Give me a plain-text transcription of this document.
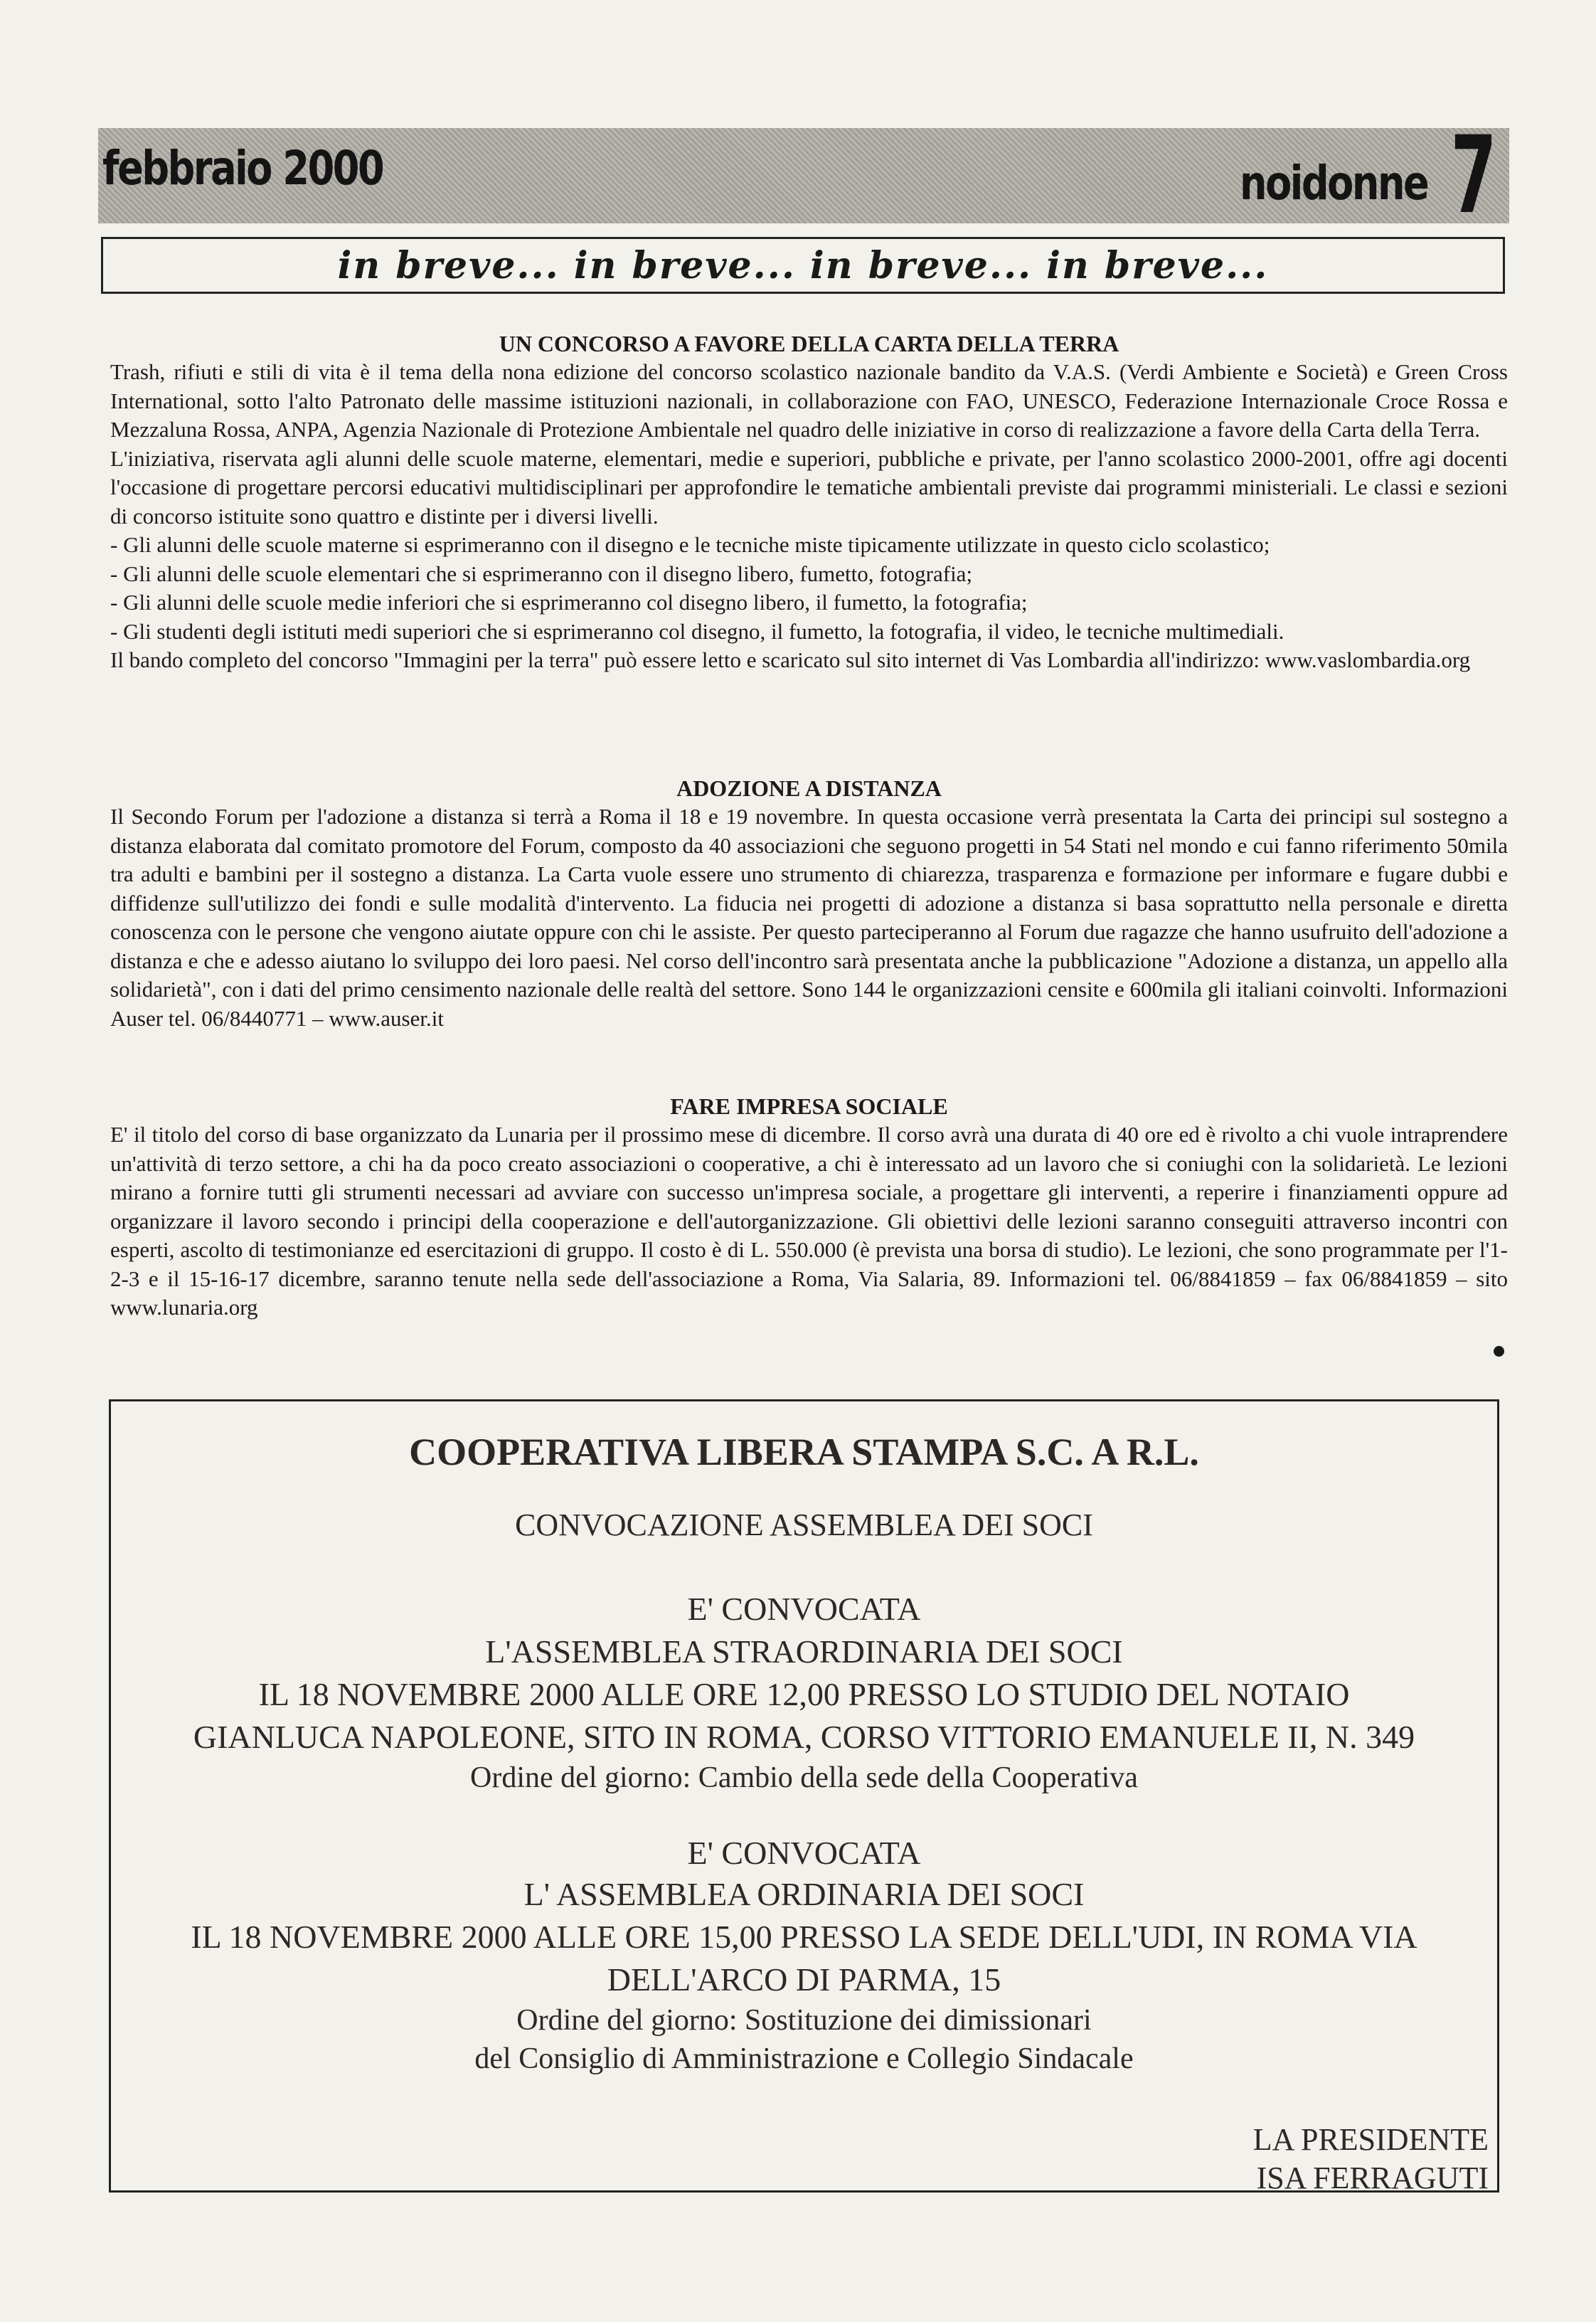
febbraio 2000	noidonne 7
in breve... in breve... in breve... in breve...
UN CONCORSO A FAVORE DELLA CARTA DELLA TERRA

Trash, rifiuti e stili di vita è il tema della nona edizione del concorso scolastico nazionale bandito da V.A.S. (Verdi Ambiente e Società) e Green Cross International, sotto l'alto Patronato delle massime istituzioni nazionali, in collaborazione con FAO, UNESCO, Federazione Internazionale Croce Rossa e Mezzaluna Rossa, ANPA, Agenzia Nazionale di Protezione Ambientale nel quadro delle iniziative in corso di realizzazione a favore della Carta della Terra.

L'iniziativa, riservata agli alunni delle scuole materne, elementari, medie e superiori, pubbliche e private, per l'anno scolastico 2000-2001, offre agi docenti l'occasione di progettare percorsi educativi multidisciplinari per approfondire le tematiche ambientali previste dai programmi ministeriali. Le classi e sezioni di concorso istituite sono quattro e distinte per i diversi livelli.

- Gli alunni delle scuole materne si esprimeranno con il disegno e le tecniche miste tipicamente utilizzate in questo ciclo scolastico;

- Gli alunni delle scuole elementari che si esprimeranno con il disegno libero, fumetto, fotografia;

- Gli alunni delle scuole medie inferiori che si esprimeranno col disegno libero, il fumetto, la fotografia;

- Gli studenti degli istituti medi superiori che si esprimeranno col disegno, il fumetto, la fotografia, il video, le tecniche multimediali.

Il bando completo del concorso "Immagini per la terra" può essere letto e scaricato sul sito internet di Vas Lombardia all'indirizzo: www.vaslombardia.org

ADOZIONE A DISTANZA

Il Secondo Forum per l'adozione a distanza si terrà a Roma il 18 e 19 novembre. In questa occasione verrà presentata la Carta dei principi sul sostegno a distanza elaborata dal comitato promotore del Forum, composto da 40 associazioni che seguono progetti in 54 Stati nel mondo e cui fanno riferimento 50mila tra adulti e bambini per il sostegno a distanza. La Carta vuole essere uno strumento di chiarezza, trasparenza e formazione per informare e fugare dubbi e diffidenze sull'utilizzo dei fondi e sulle modalità d'intervento. La fiducia nei progetti di adozione a distanza si basa soprattutto nella personale e diretta conoscenza con le persone che vengono aiutate oppure con chi le assiste. Per questo parteciperanno al Forum due ragazze che hanno usufruito dell'adozione a distanza e che e adesso aiutano lo sviluppo dei loro paesi. Nel corso dell'incontro sarà presentata anche la pubblicazione "Adozione a distanza, un appello alla solidarietà", con i dati del primo censimento nazionale delle realtà del settore. Sono 144 le organizzazioni censite e 600mila gli italiani coinvolti. Informazioni Auser tel. 06/8440771 – www.auser.it

FARE IMPRESA SOCIALE

E' il titolo del corso di base organizzato da Lunaria per il prossimo mese di dicembre. Il corso avrà una durata di 40 ore ed è rivolto a chi vuole intraprendere un'attività di terzo settore, a chi ha da poco creato associazioni o cooperative, a chi è interessato ad un lavoro che si coniughi con la solidarietà. Le lezioni mirano a fornire tutti gli strumenti necessari ad avviare con successo un'impresa sociale, a progettare gli interventi, a reperire i finanziamenti oppure ad organizzare il lavoro secondo i principi della cooperazione e dell'autorganizzazione. Gli obiettivi delle lezioni saranno conseguiti attraverso incontri con esperti, ascolto di testimonianze ed esercitazioni di gruppo. Il costo è di L. 550.000 (è prevista una borsa di studio). Le lezioni, che sono programmate per l'1-2-3 e il 15-16-17 dicembre, saranno tenute nella sede dell'associazione a Roma, Via Salaria, 89. Informazioni tel. 06/8841859 – fax 06/8841859 – sito www.lunaria.org

COOPERATIVA LIBERA STAMPA S.C. A R.L.

CONVOCAZIONE ASSEMBLEA DEI SOCI

E' CONVOCATA

L'ASSEMBLEA STRAORDINARIA DEI SOCI

IL 18 NOVEMBRE 2000 ALLE ORE 12,00 PRESSO LO STUDIO DEL NOTAIO

GIANLUCA NAPOLEONE, SITO IN ROMA, CORSO VITTORIO EMANUELE II, N. 349

Ordine del giorno: Cambio della sede della Cooperativa

E' CONVOCATA

L' ASSEMBLEA ORDINARIA DEI SOCI

IL 18 NOVEMBRE 2000 ALLE ORE 15,00 PRESSO LA SEDE DELL'UDI, IN ROMA VIA

DELL'ARCO DI PARMA, 15

Ordine del giorno: Sostituzione dei dimissionari

del Consiglio di Amministrazione e Collegio Sindacale

LA PRESIDENTE

ISA FERRAGUTI
